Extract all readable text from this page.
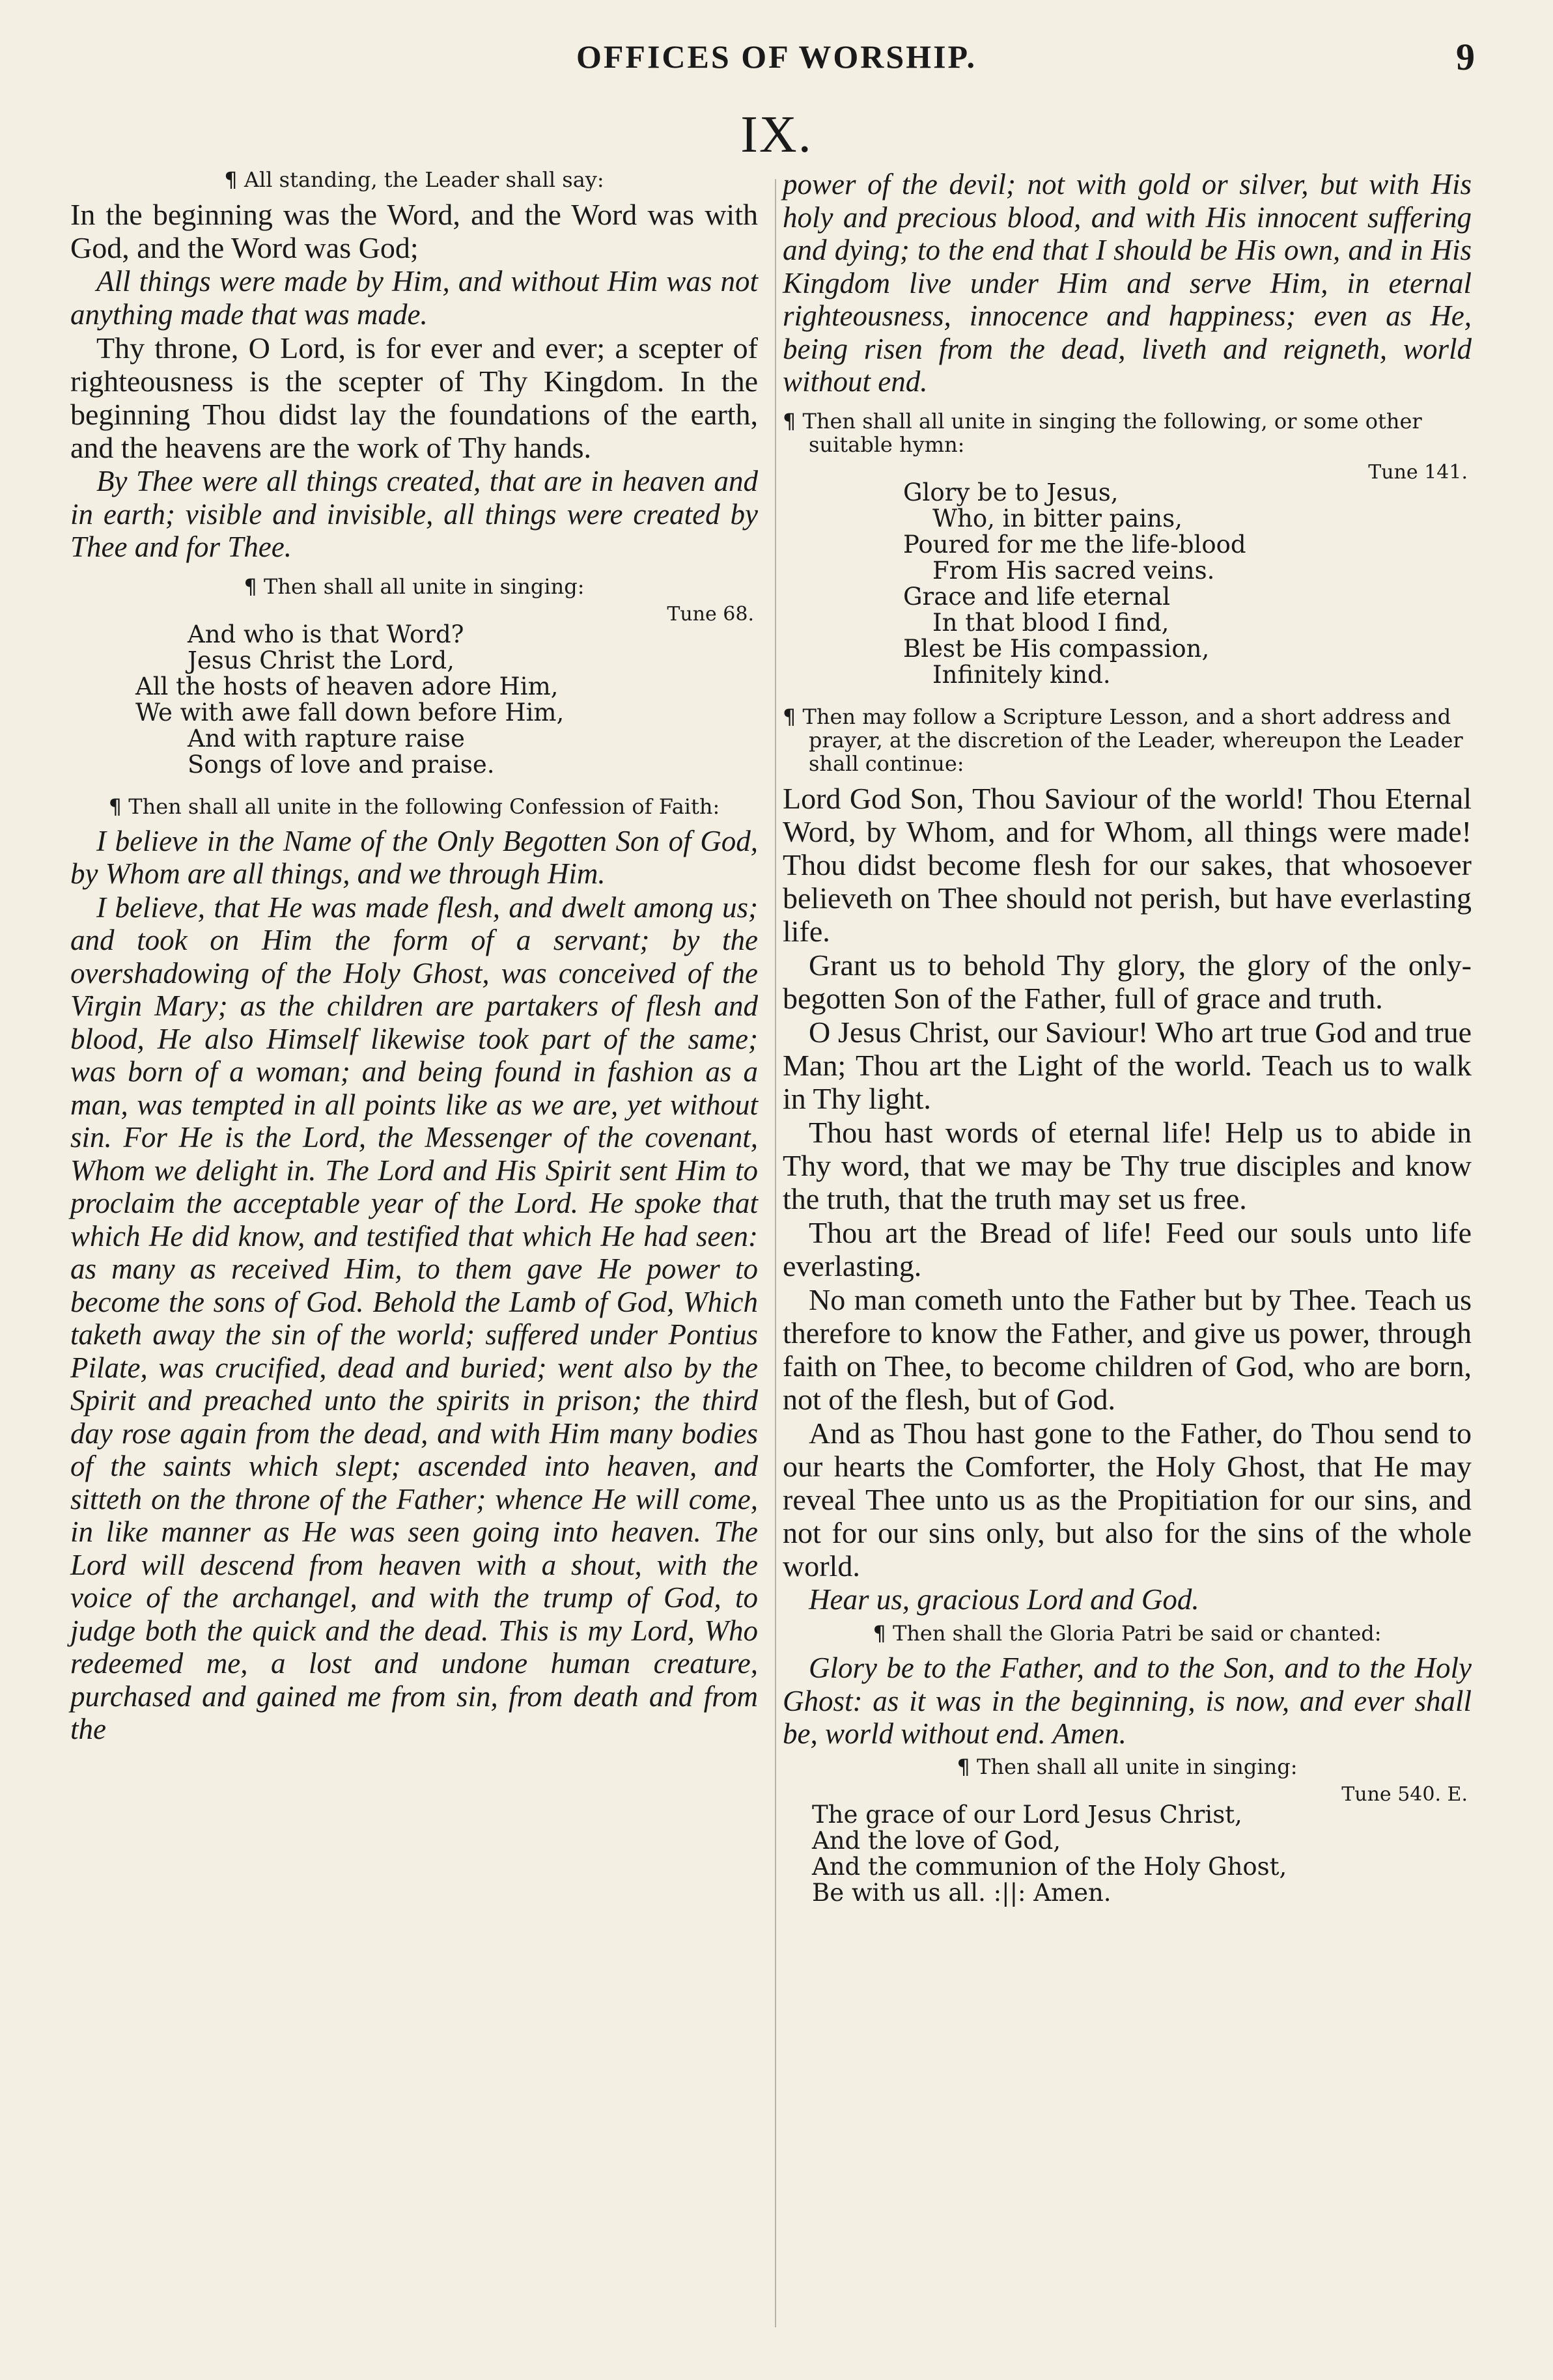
OFFICES OF WORSHIP.	9
IX.

¶ All standing, the Leader shall say:

In the beginning was the Word, and the Word was with God, and the Word was God;

All things were made by Him, and without Him was not anything made that was made.

Thy throne, O Lord, is for ever and ever; a scepter of righteousness is the scepter of Thy Kingdom. In the beginning Thou didst lay the foundations of the earth, and the heavens are the work of Thy hands.

By Thee were all things created, that are in heaven and in earth; visible and invisible, all things were created by Thee and for Thee.

¶ Then shall all unite in singing:

Tune 68.
And who is that Word?
Jesus Christ the Lord,
All the hosts of heaven adore Him,
We with awe fall down before Him,
And with rapture raise
Songs of love and praise.

¶ Then shall all unite in the following Confession of Faith:

I believe in the Name of the Only Begotten Son of God, by Whom are all things, and we through Him.

I believe, that He was made flesh, and dwelt among us; and took on Him the form of a servant; by the overshadowing of the Holy Ghost, was conceived of the Virgin Mary; as the children are partakers of flesh and blood, He also Himself likewise took part of the same; was born of a woman; and being found in fashion as a man, was tempted in all points like as we are, yet without sin. For He is the Lord, the Messenger of the covenant, Whom we delight in. The Lord and His Spirit sent Him to proclaim the acceptable year of the Lord. He spoke that which He did know, and testified that which He had seen: as many as received Him, to them gave He power to become the sons of God. Behold the Lamb of God, Which taketh away the sin of the world; suffered under Pontius Pilate, was crucified, dead and buried; went also by the Spirit and preached unto the spirits in prison; the third day rose again from the dead, and with Him many bodies of the saints which slept; ascended into heaven, and sitteth on the throne of the Father; whence He will come, in like manner as He was seen going into heaven. The Lord will descend from heaven with a shout, with the voice of the archangel, and with the trump of God, to judge both the quick and the dead. This is my Lord, Who redeemed me, a lost and undone human creature, purchased and gained me from sin, from death and from the

power of the devil; not with gold or silver, but with His holy and precious blood, and with His innocent suffering and dying; to the end that I should be His own, and in His Kingdom live under Him and serve Him, in eternal righteousness, innocence and happiness; even as He, being risen from the dead, liveth and reigneth, world without end.

¶ Then shall all unite in singing the following, or some other suitable hymn:

Tune 141.
Glory be to Jesus,
Who, in bitter pains,
Poured for me the life-blood
From His sacred veins.
Grace and life eternal
In that blood I find,
Blest be His compassion,
Infinitely kind.

¶ Then may follow a Scripture Lesson, and a short address and prayer, at the discretion of the Leader, whereupon the Leader shall continue:

Lord God Son, Thou Saviour of the world! Thou Eternal Word, by Whom, and for Whom, all things were made! Thou didst become flesh for our sakes, that whosoever believeth on Thee should not perish, but have everlasting life.

Grant us to behold Thy glory, the glory of the only-begotten Son of the Father, full of grace and truth.

O Jesus Christ, our Saviour! Who art true God and true Man; Thou art the Light of the world. Teach us to walk in Thy light.

Thou hast words of eternal life! Help us to abide in Thy word, that we may be Thy true disciples and know the truth, that the truth may set us free.

Thou art the Bread of life! Feed our souls unto life everlasting.

No man cometh unto the Father but by Thee. Teach us therefore to know the Father, and give us power, through faith on Thee, to become children of God, who are born, not of the flesh, but of God.

And as Thou hast gone to the Father, do Thou send to our hearts the Comforter, the Holy Ghost, that He may reveal Thee unto us as the Propitiation for our sins, and not for our sins only, but also for the sins of the whole world.

Hear us, gracious Lord and God.

¶ Then shall the Gloria Patri be said or chanted:

Glory be to the Father, and to the Son, and to the Holy Ghost: as it was in the beginning, is now, and ever shall be, world without end. Amen.

¶ Then shall all unite in singing:

Tune 540. E.
The grace of our Lord Jesus Christ,
And the love of God,
And the communion of the Holy Ghost,
Be with us all. :||: Amen.
